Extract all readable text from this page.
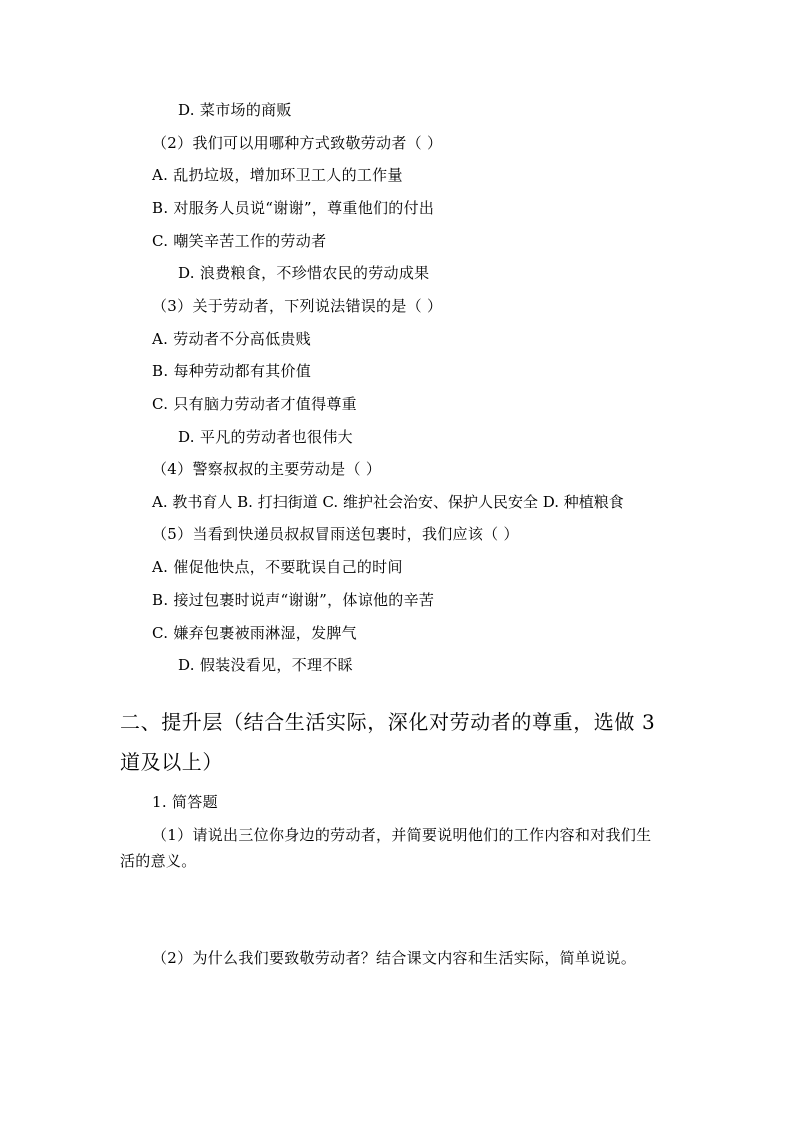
D. 菜市场的商贩
（2）我们可以用哪种方式致敬劳动者（ ）
A. 乱扔垃圾，增加环卫工人的工作量
B. 对服务人员说“谢谢”，尊重他们的付出
C. 嘲笑辛苦工作的劳动者
D. 浪费粮食，不珍惜农民的劳动成果
（3）关于劳动者，下列说法错误的是（ ）
A. 劳动者不分高低贵贱
B. 每种劳动都有其价值
C. 只有脑力劳动者才值得尊重
D. 平凡的劳动者也很伟大
（4）警察叔叔的主要劳动是（ ）
A. 教书育人 B. 打扫街道 C. 维护社会治安、保护人民安全 D. 种植粮食
（5）当看到快递员叔叔冒雨送包裹时，我们应该（ ）
A. 催促他快点，不要耽误自己的时间
B. 接过包裹时说声“谢谢”，体谅他的辛苦
C. 嫌弃包裹被雨淋湿，发脾气
D. 假装没看见，不理不睬
二、提升层（结合生活实际，深化对劳动者的尊重，选做 3
道及以上）
1. 简答题
（1）请说出三位你身边的劳动者，并简要说明他们的工作内容和对我们生
活的意义。
（2）为什么我们要致敬劳动者？结合课文内容和生活实际，简单说说。
